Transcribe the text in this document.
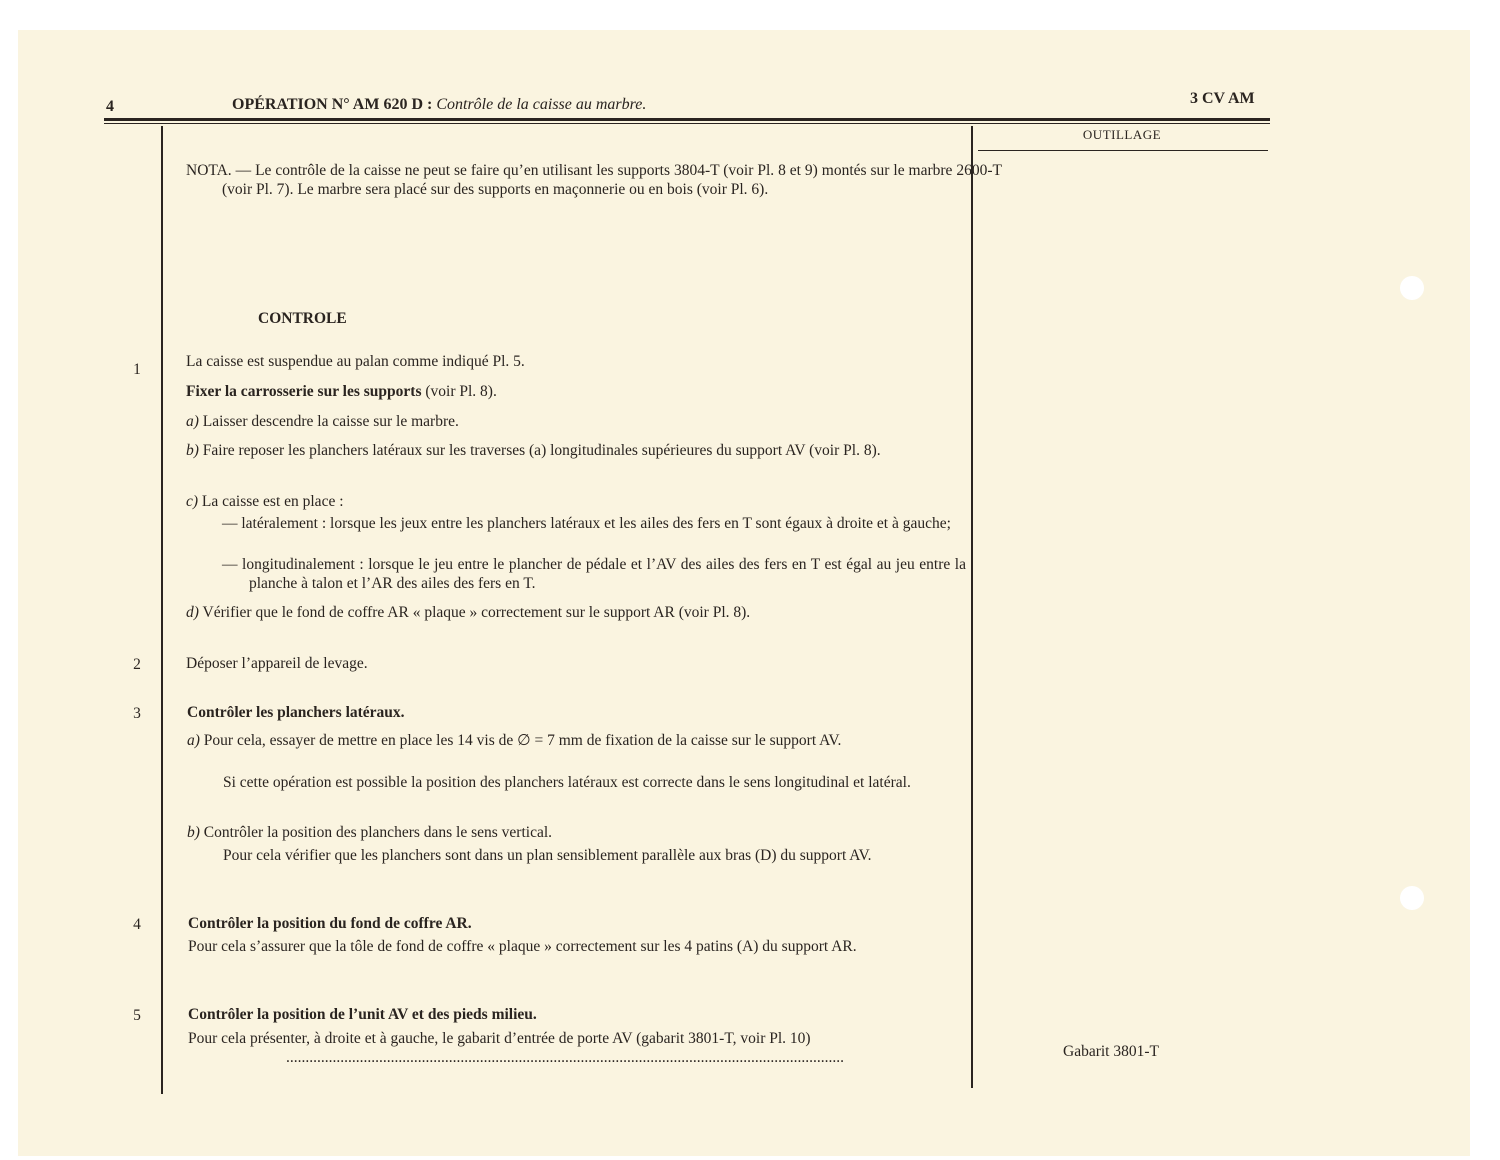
4	OPÉRATION N° AM 620 D : Contrôle de la caisse au marbre.	3 CV AM
OUTILLAGE
NOTA. — Le contrôle de la caisse ne peut se faire qu’en utilisant les supports 3804-T (voir Pl. 8 et 9) montés sur le marbre 2600-T (voir Pl. 7). Le marbre sera placé sur des supports en maçonnerie ou en bois (voir Pl. 6).
CONTROLE
1	La caisse est suspendue au palan comme indiqué Pl. 5.
Fixer la carrosserie sur les supports (voir Pl. 8).
a) Laisser descendre la caisse sur le marbre.
b) Faire reposer les planchers latéraux sur les traverses (a) longitudinales supérieures du support AV (voir Pl. 8).
c) La caisse est en place :
— latéralement : lorsque les jeux entre les planchers latéraux et les ailes des fers en T sont égaux à droite et à gauche;
— longitudinalement : lorsque le jeu entre le plancher de pédale et l’AV des ailes des fers en T est égal au jeu entre la planche à talon et l’AR des ailes des fers en T.
d) Vérifier que le fond de coffre AR « plaque » correctement sur le support AR (voir Pl. 8).
2	Déposer l’appareil de levage.
3	Contrôler les planchers latéraux.
a) Pour cela, essayer de mettre en place les 14 vis de ∅ = 7 mm de fixation de la caisse sur le support AV.
Si cette opération est possible la position des planchers latéraux est correcte dans le sens longitudinal et latéral.
b) Contrôler la position des planchers dans le sens vertical.
Pour cela vérifier que les planchers sont dans un plan sensiblement parallèle aux bras (D) du support AV.
4	Contrôler la position du fond de coffre AR.
Pour cela s’assurer que la tôle de fond de coffre « plaque » correctement sur les 4 patins (A) du support AR.
5	Contrôler la position de l’unit AV et des pieds milieu.
Pour cela présenter, à droite et à gauche, le gabarit d’entrée de porte AV (gabarit 3801-T, voir Pl. 10)
................................................................................................................................................	Gabarit 3801-T
